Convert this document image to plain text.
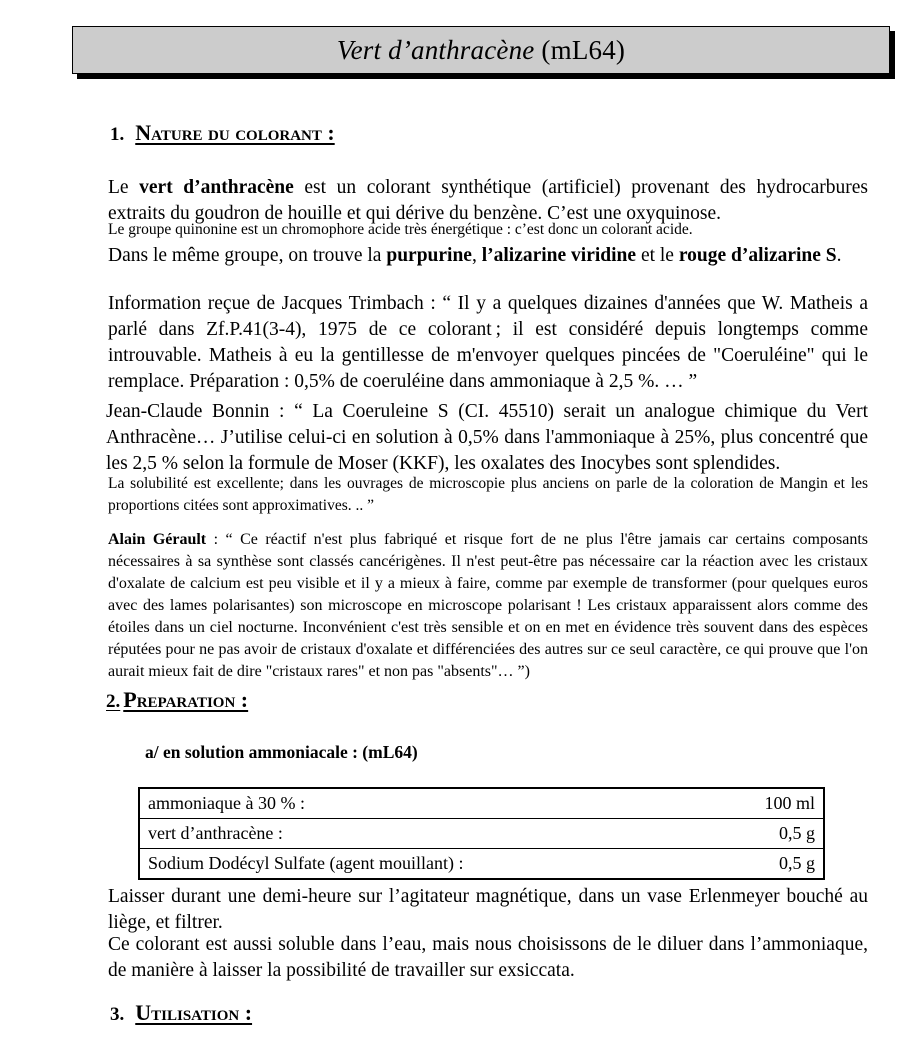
Vert d’anthracène (mL64)
1. Nature du colorant :
Le vert d’anthracène est un colorant synthétique (artificiel) provenant des hydrocarbures extraits du goudron de houille et qui dérive du benzène. C’est une oxyquinose.
Le groupe quinonine est un chromophore acide très énergétique : c’est donc un colorant acide.
Dans le même groupe, on trouve la purpurine, l’alizarine viridine et le rouge d’alizarine S.
Information reçue de Jacques Trimbach : “ Il y a quelques dizaines d'années que W. Matheis a parlé dans Zf.P.41(3-4), 1975 de ce colorant ; il est considéré depuis longtemps comme introuvable. Matheis à eu la gentillesse de m'envoyer quelques pincées de "Coeruléine" qui le remplace. Préparation : 0,5% de coeruléine dans ammoniaque à 2,5 %. … ”
Jean-Claude Bonnin : “ La Coeruleine S (CI. 45510) serait un analogue chimique du Vert Anthracène… J’utilise celui-ci en solution à 0,5% dans l'ammoniaque à 25%, plus concentré que les 2,5 % selon la formule de Moser (KKF), les oxalates des Inocybes sont splendides.
La solubilité est excellente; dans les ouvrages de microscopie plus anciens on parle de la coloration de Mangin et les proportions citées sont approximatives. .. ”
Alain Gérault : “ Ce réactif n'est plus fabriqué et risque fort de ne plus l'être jamais car certains composants nécessaires à sa synthèse sont classés cancérigènes. Il n'est peut-être pas nécessaire car la réaction avec les cristaux d'oxalate de calcium est peu visible et il y a mieux à faire, comme par exemple de transformer (pour quelques euros avec des lames polarisantes) son microscope en microscope polarisant ! Les cristaux apparaissent alors comme des étoiles dans un ciel nocturne. Inconvénient c'est très sensible et on en met en évidence très souvent dans des espèces réputées pour ne pas avoir de cristaux d'oxalate et différenciées des autres sur ce seul caractère, ce qui prouve que l'on aurait mieux fait de dire "cristaux rares" et non pas "absents"… ”)
2. Preparation :
a/ en solution ammoniacale : (mL64)
ammoniaque à 30 % :	100 ml
vert d’anthracène :	0,5 g
Sodium Dodécyl Sulfate (agent mouillant) :	0,5 g
Laisser durant une demi-heure sur l’agitateur magnétique, dans un vase Erlenmeyer bouché au liège, et filtrer.
Ce colorant est aussi soluble dans l’eau, mais nous choisissons de le diluer dans l’ammoniaque, de manière à laisser la possibilité de travailler sur exsiccata.
3. Utilisation :
